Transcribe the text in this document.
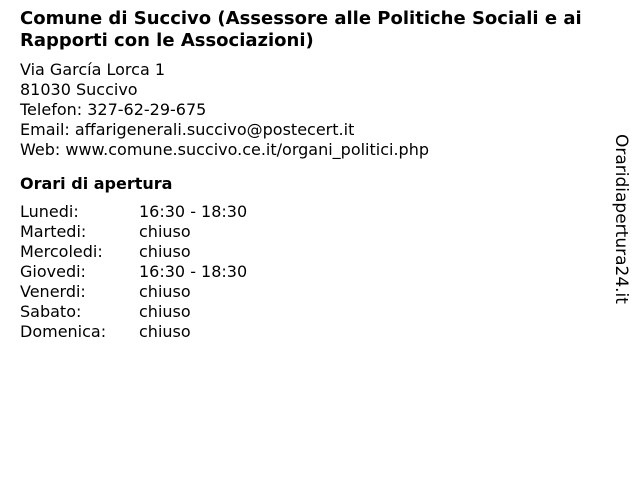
Comune di Succivo (Assessore alle Politiche Sociali e ai Rapporti con le Associazioni)
Via García Lorca 1
81030 Succivo
Telefon: 327-62-29-675
Email: affarigenerali.succivo@postecert.it
Web: www.comune.succivo.ce.it/organi_politici.php
Orari di apertura
Lunedi:	16:30 - 18:30
Martedi:	chiuso
Mercoledi:	chiuso
Giovedi:	16:30 - 18:30
Venerdi:	chiuso
Sabato:	chiuso
Domenica:	chiuso
Oraridiapertura24.it
